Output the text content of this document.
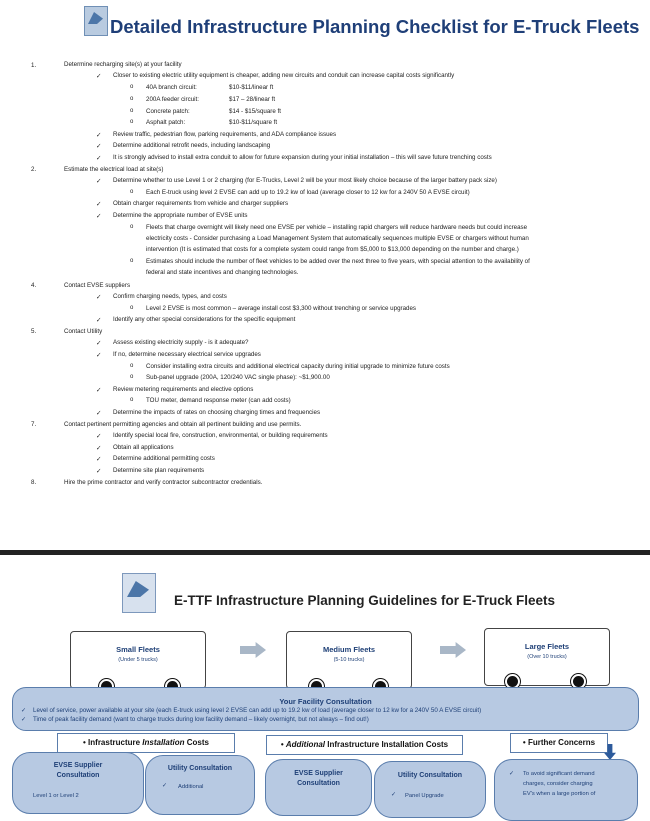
Detailed Infrastructure Planning Checklist for E-Truck Fleets
1.	Determine recharging site(s) at your facility
✓ Closer to existing electric utility equipment is cheaper, adding new circuits and conduit can increase capital costs significantly
o 40A branch circuit:	$10-$11/linear ft
o 200A feeder circuit:	$17 – 28/linear ft
o Concrete patch:	$14 - $15/square ft
o Asphalt patch:	$10-$11/square ft
✓ Review traffic, pedestrian flow, parking requirements, and ADA compliance issues
✓ Determine additional retrofit needs, including landscaping
✓ It is strongly advised to install extra conduit to allow for future expansion during your initial installation – this will save future trenching costs
2.	Estimate the electrical load at site(s)
✓ Determine whether to use Level 1 or 2 charging (for E-Trucks, Level 2 will be your most likely choice because of the larger battery pack size)
o Each E-truck using level 2 EVSE can add up to 19.2 kw of load (average closer to 12 kw for a 240V 50 A EVSE circuit)
✓ Obtain charger requirements from vehicle and charger suppliers
✓ Determine the appropriate number of EVSE units
o Fleets that charge overnight will likely need one EVSE per vehicle – installing rapid chargers will reduce hardware needs but could increase
electricity costs - Consider purchasing a Load Management System that automatically sequences multiple EVSE or chargers without human
intervention (It is estimated that costs for a complete system could range from $5,000 to $13,000 depending on the number and charge.)
o Estimates should include the number of fleet vehicles to be added over the next three to five years, with special attention to the availability of
federal and state incentives and changing technologies.
4.	Contact EVSE suppliers
✓ Confirm charging needs, types, and costs
o Level 2 EVSE is most common – average install cost $3,300 without trenching or service upgrades
✓ Identify any other special considerations for the specific equipment
5.	Contact Utility
✓ Assess existing electricity supply - is it adequate?
✓ If no, determine necessary electrical service upgrades
o Consider installing extra circuits and additional electrical capacity during initial upgrade to minimize future costs
o Sub-panel upgrade (200A, 120/240 VAC single phase): ~$1,900.00
✓ Review metering requirements and elective options
o TOU meter, demand response meter (can add costs)
✓ Determine the impacts of rates on choosing charging times and frequencies
7.	Contact pertinent permitting agencies and obtain all pertinent building and use permits.
✓ Identify special local fire, construction, environmental, or building requirements
✓ Obtain all applications
✓ Determine additional permitting costs
✓ Determine site plan requirements
8.	Hire the prime contractor and verify contractor subcontractor credentials.
E-TTF Infrastructure Planning Guidelines for E-Truck Fleets
Small Fleets
(Under 5 trucks)
Medium Fleets
(5-10 trucks)
Large Fleets
(Over 10 trucks)
Your Facility Consultation
✓ Level of service, power available at your site (each E-truck using level 2 EVSE can add up to 19.2 kw of load (average closer to 12 kw for a 240V 50 A EVSE circuit)
✓ Time of peak facility demand (want to charge trucks during low facility demand – likely overnight, but not always – find out!)
• Infrastructure Installation Costs	• Additional Infrastructure Installation Costs	• Further Concerns
EVSE Supplier
Consultation
Level 1 or Level 2
Utility Consultation
✓ Additional
EVSE Supplier
Consultation
Utility Consultation
✓ Panel Upgrade
✓ To avoid significant demand
charges, consider charging
EV's when a large portion of
